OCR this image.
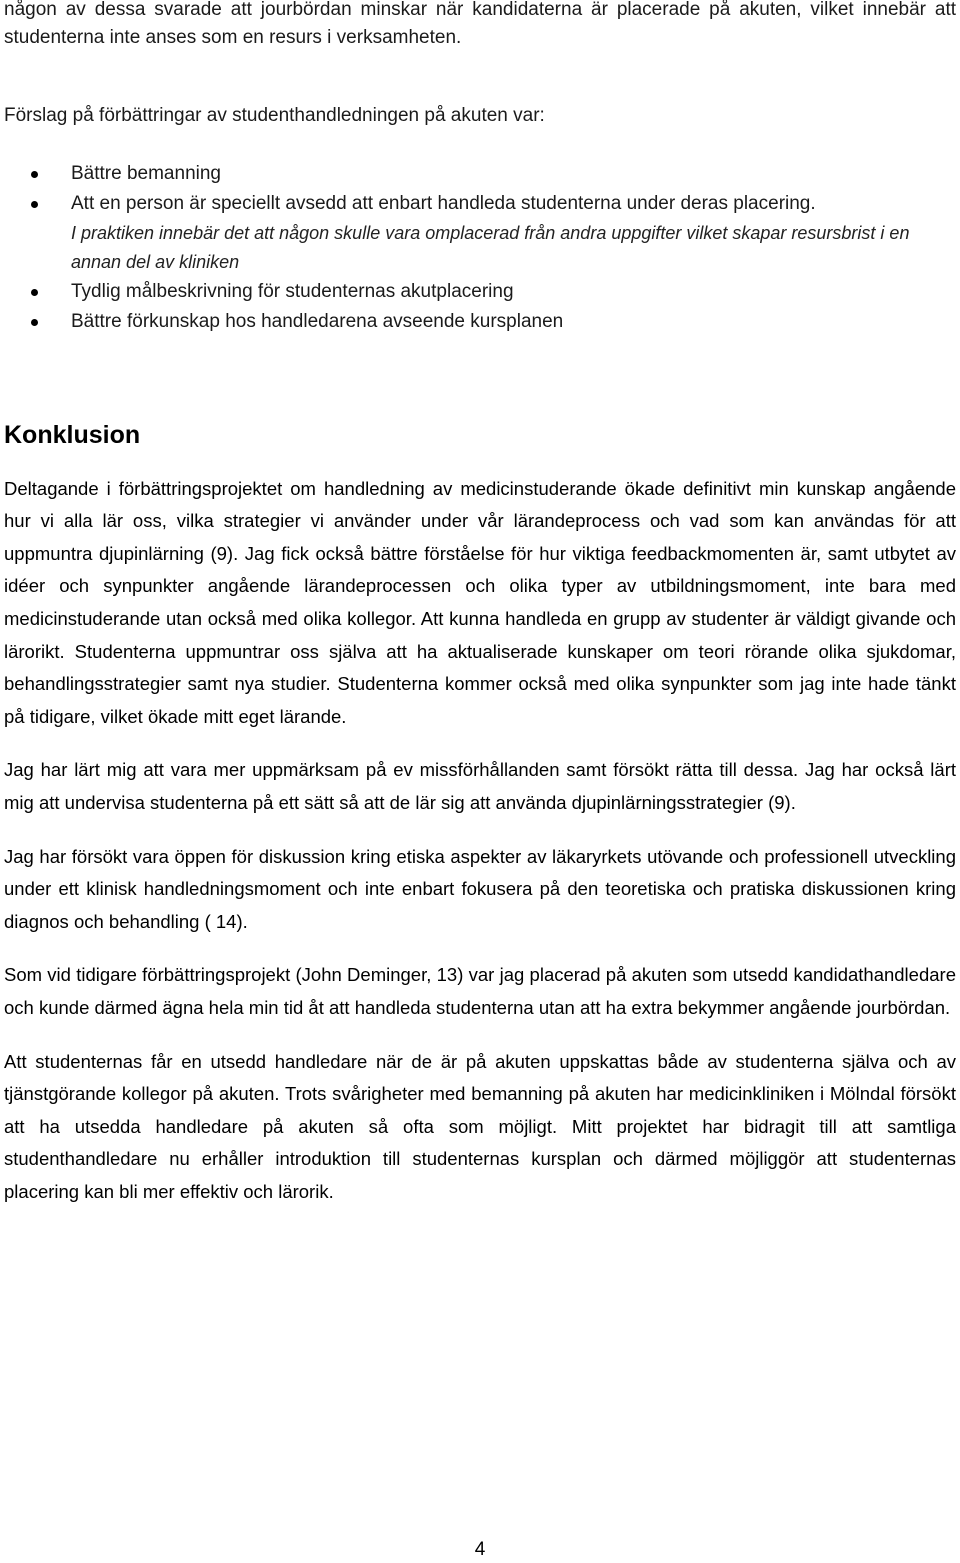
någon av dessa svarade att jourbördan minskar när kandidaterna är placerade på akuten, vilket innebär att studenterna inte anses som en resurs i verksamheten.

Förslag på förbättringar av studenthandledningen på akuten var:

Bättre bemanning
Att en person är speciellt avsedd att enbart handleda studenterna under deras placering.
I praktiken innebär det att någon skulle vara omplacerad från andra uppgifter vilket skapar resursbrist i en annan del av kliniken
Tydlig målbeskrivning för studenternas akutplacering
Bättre förkunskap hos handledarena avseende kursplanen
Konklusion

Deltagande i förbättringsprojektet om handledning av medicinstuderande ökade definitivt min kunskap angående hur vi alla lär oss, vilka strategier vi använder under vår lärandeprocess och vad som kan användas för att uppmuntra djupinlärning (9). Jag fick också bättre förståelse för hur viktiga feedbackmomenten är, samt utbytet av idéer och synpunkter angående lärandeprocessen och olika typer av utbildningsmoment, inte bara med medicinstuderande utan också med olika kollegor. Att kunna handleda en grupp av studenter är väldigt givande och lärorikt. Studenterna uppmuntrar oss själva att ha aktualiserade kunskaper om teori rörande olika sjukdomar, behandlingsstrategier samt nya studier. Studenterna kommer också med olika synpunkter som jag inte hade tänkt på tidigare, vilket ökade mitt eget lärande.

Jag har lärt mig att vara mer uppmärksam på ev missförhållanden samt försökt rätta till dessa. Jag har också lärt mig att undervisa studenterna på ett sätt så att de lär sig att använda djupinlärningsstrategier (9).

Jag har försökt vara öppen för diskussion kring etiska aspekter av läkaryrkets utövande och professionell utveckling under ett klinisk handledningsmoment och inte enbart fokusera på den teoretiska och pratiska diskussionen kring diagnos och behandling ( 14).

Som vid tidigare förbättringsprojekt (John Deminger, 13) var jag placerad på akuten som utsedd kandidathandledare och kunde därmed ägna hela min tid åt att handleda studenterna utan att ha extra bekymmer angående jourbördan.

Att studenternas får en utsedd handledare när de är på akuten uppskattas både av studenterna själva och av tjänstgörande kollegor på akuten. Trots svårigheter med bemanning på akuten har medicinkliniken i Mölndal försökt att ha utsedda handledare på akuten så ofta som möjligt. Mitt projektet har bidragit till att samtliga studenthandledare nu erhåller introduktion till studenternas kursplan och därmed möjliggör att studenternas placering kan bli mer effektiv och lärorik.

4
